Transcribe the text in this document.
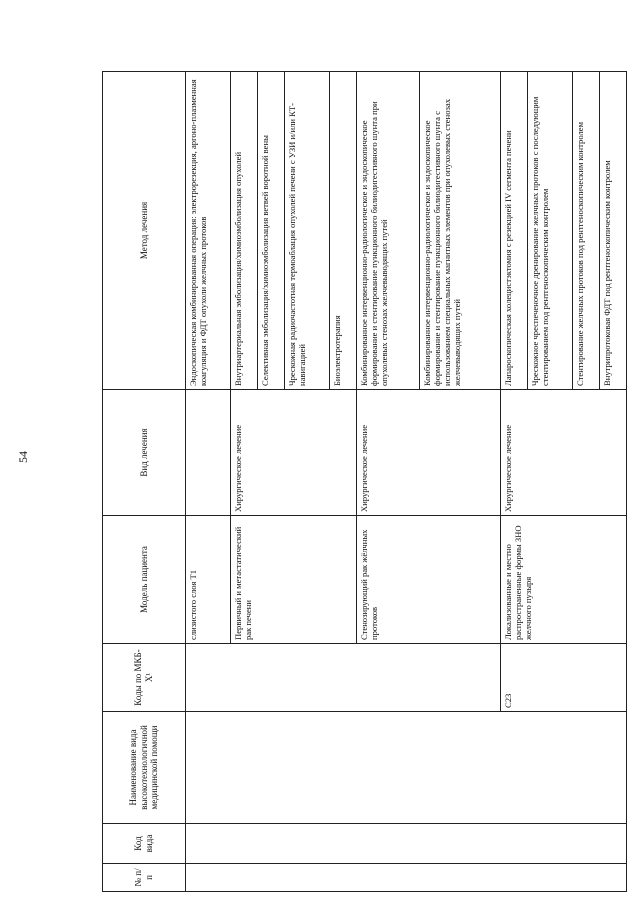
54
№ п/п	Код вида	Наименование вида высокотехнологичной медицинской помощи	Коды по МКБ-X¹	Модель пациента	Вид лечения	Метод лечения
				слизистого слоя T1		Эндоскопическая комбинированная операция: электрорезекция, аргоно-плазменная коагуляция и ФДТ опухоли желчных протоков
				Первичный и метастатический рак печени	Хирургическое лечение	Внутриартериальная эмболизация/химиоэмболизация опухолей
						Селективная эмболизация/химиоэмболизация ветвей воротной вены
						Чрескожная радиочастотная термоаблация опухолей печени с УЗИ и/или КТ-навигацией
						Биоэлектротерапия
				Стенозирующий рак жёлчных протоков	Хирургическое лечение	Комбинированное интервенционно-радиологическое и эндоскопическое формирование и стентирование пункционного билиодигестивного шунта при опухолевых стенозах желчевыводящих путей
						Комбинированное интервенционно-радиологическое и эндоскопическое формирование и стентирование пункционного билиодигестивного шунта с использованием специальных магнитных элементов при опухолевых стенозах желчевыводящих путей
			C23	Локализованные и местно распространенные формы ЗНО желчного пузыря	Хирургическое лечение	Лапароскопическая холецистэктомия с резекцией IV сегмента печени
						Чрескожное чреспеченочное дренирование желчных протоков с последующим стентированием под рентгеноскопическим контролем
						Стентирование желчных протоков под рентгеноскопическим контролем
						Внутрипротоковая ФДТ под рентгеноскопическим контролем
